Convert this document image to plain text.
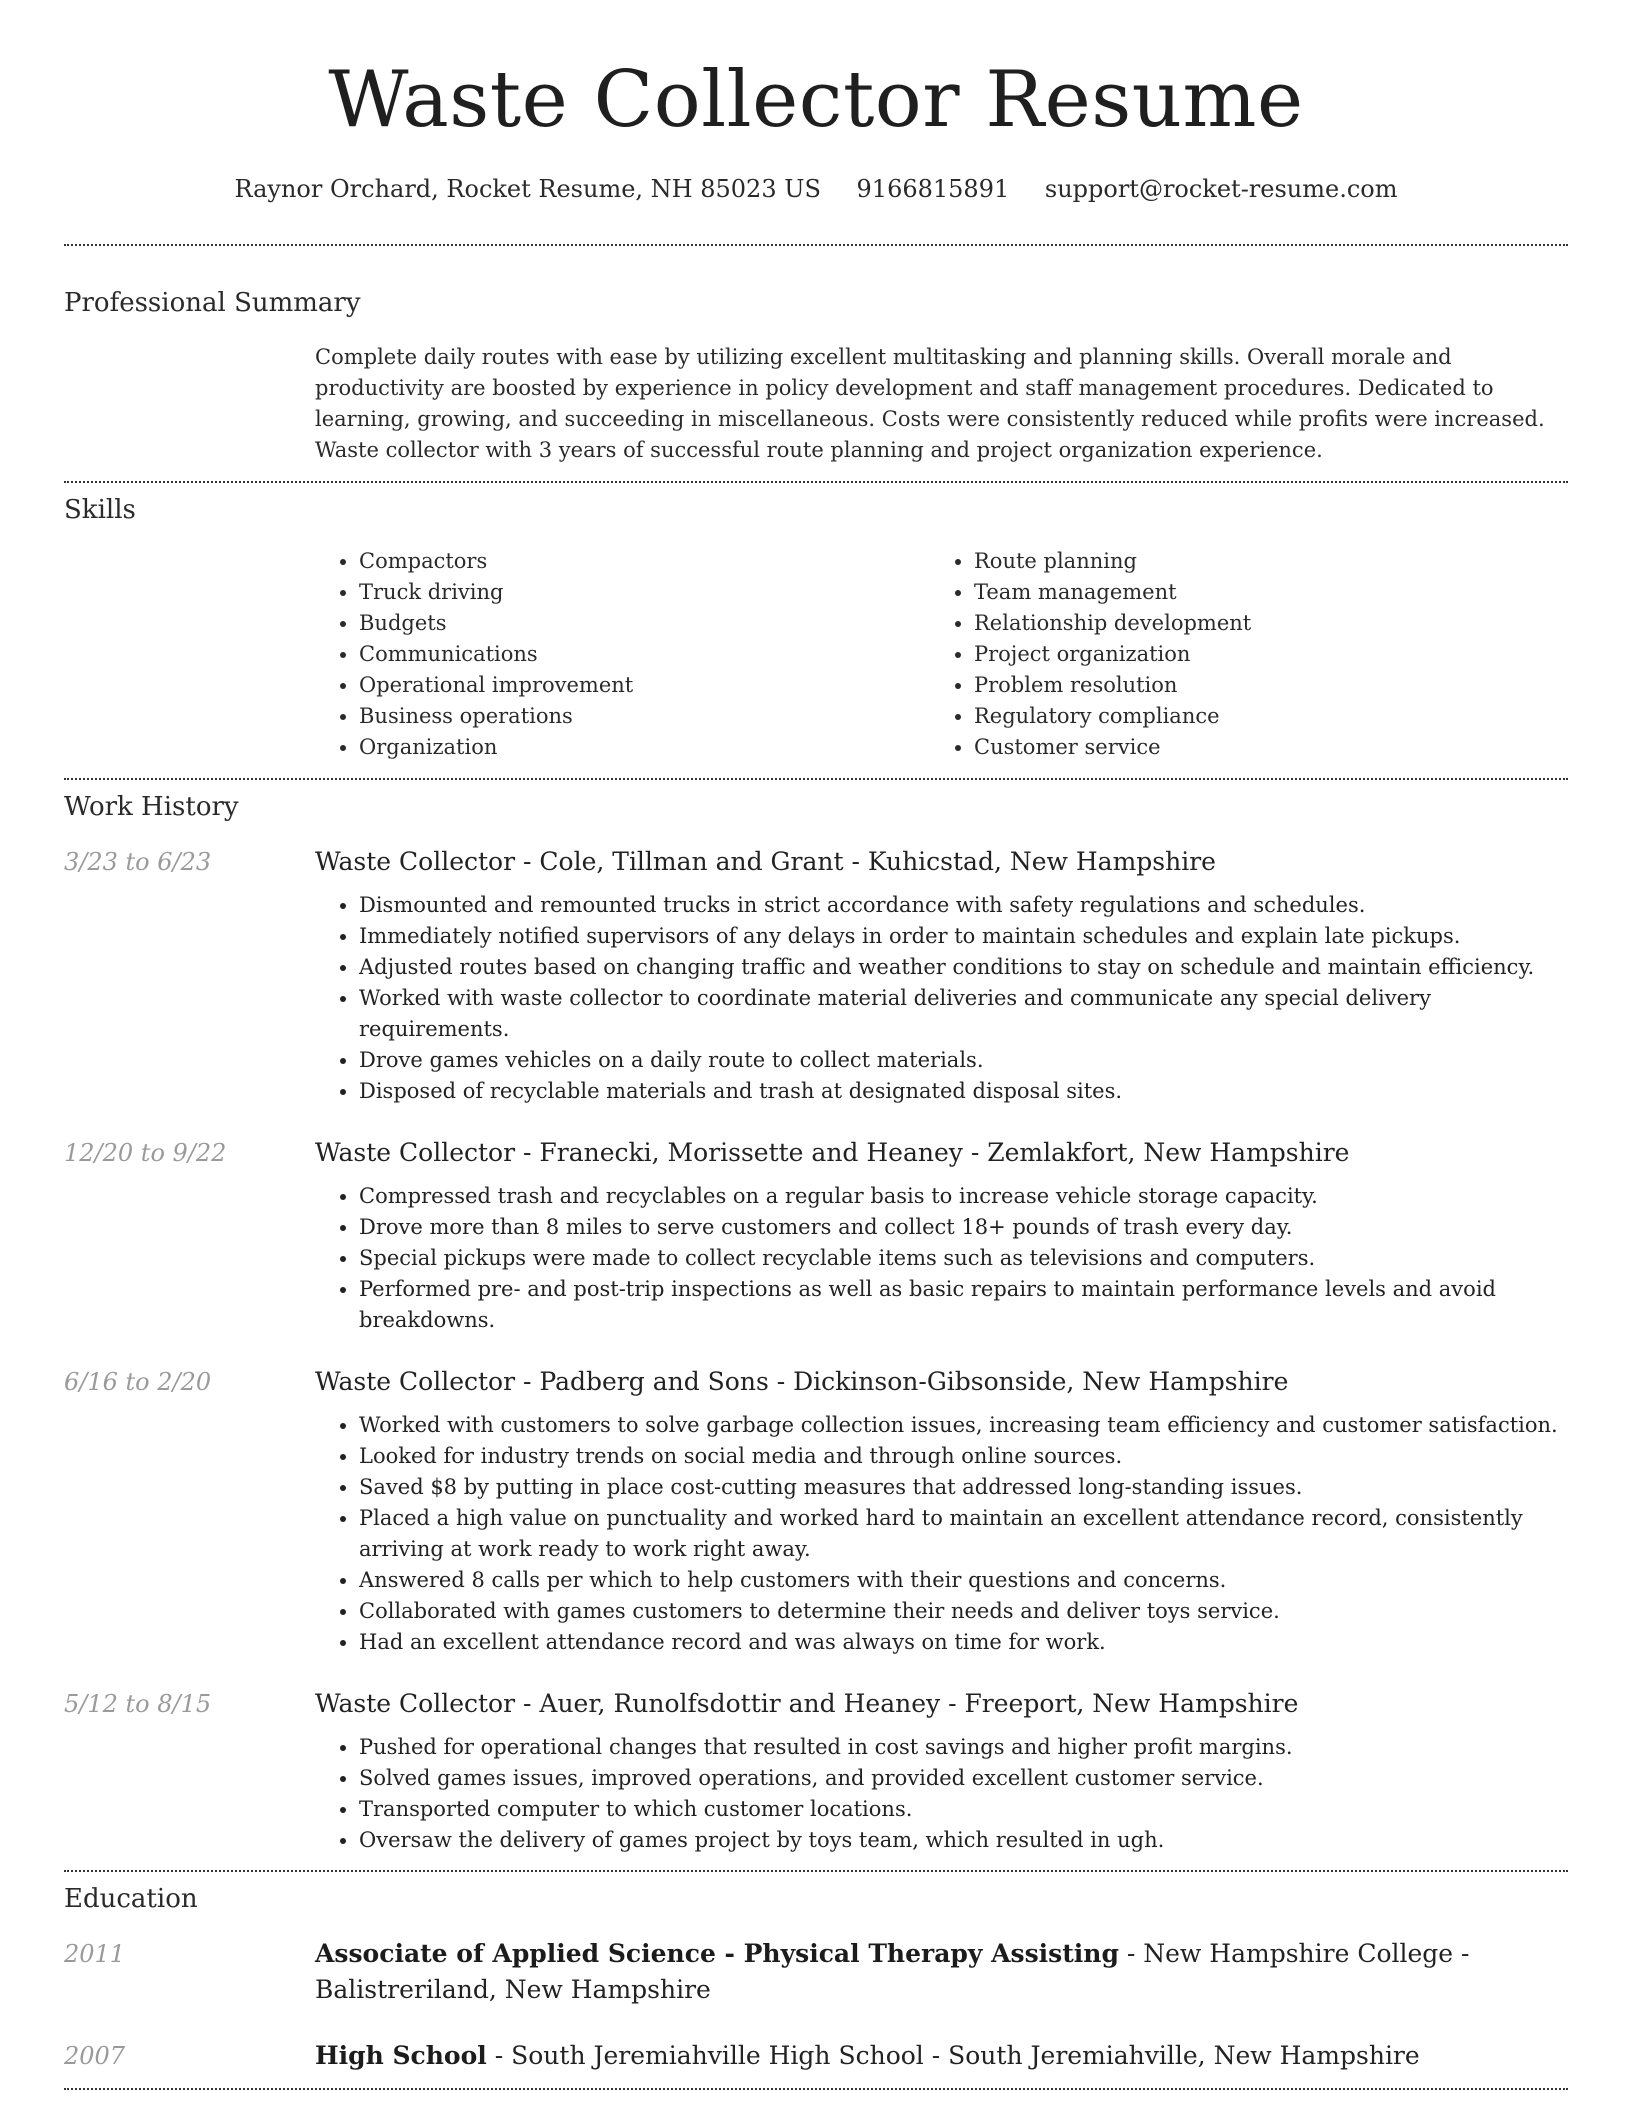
Waste Collector Resume
Raynor Orchard, Rocket Resume, NH 85023 US 9166815891 support@rocket-resume.com
Professional Summary

Complete daily routes with ease by utilizing excellent multitasking and planning skills. Overall morale and productivity are boosted by experience in policy development and staff management procedures. Dedicated to learning, growing, and succeeding in miscellaneous. Costs were consistently reduced while profits were increased. Waste collector with 3 years of successful route planning and project organization experience.

Skills
• Compactors
• Truck driving
• Budgets
• Communications
• Operational improvement
• Business operations
• Organization
• Route planning
• Team management
• Relationship development
• Project organization
• Problem resolution
• Regulatory compliance
• Customer service
Work History
3/23 to 6/23	Waste Collector - Cole, Tillman and Grant - Kuhicstad, New Hampshire
• Dismounted and remounted trucks in strict accordance with safety regulations and schedules.
• Immediately notified supervisors of any delays in order to maintain schedules and explain late pickups.
• Adjusted routes based on changing traffic and weather conditions to stay on schedule and maintain efficiency.
• Worked with waste collector to coordinate material deliveries and communicate any special delivery requirements.
• Drove games vehicles on a daily route to collect materials.
• Disposed of recyclable materials and trash at designated disposal sites.
12/20 to 9/22	Waste Collector - Franecki, Morissette and Heaney - Zemlakfort, New Hampshire
• Compressed trash and recyclables on a regular basis to increase vehicle storage capacity.
• Drove more than 8 miles to serve customers and collect 18+ pounds of trash every day.
• Special pickups were made to collect recyclable items such as televisions and computers.
• Performed pre- and post-trip inspections as well as basic repairs to maintain performance levels and avoid breakdowns.
6/16 to 2/20	Waste Collector - Padberg and Sons - Dickinson-Gibsonside, New Hampshire
• Worked with customers to solve garbage collection issues, increasing team efficiency and customer satisfaction.
• Looked for industry trends on social media and through online sources.
• Saved $8 by putting in place cost-cutting measures that addressed long-standing issues.
• Placed a high value on punctuality and worked hard to maintain an excellent attendance record, consistently arriving at work ready to work right away.
• Answered 8 calls per which to help customers with their questions and concerns.
• Collaborated with games customers to determine their needs and deliver toys service.
• Had an excellent attendance record and was always on time for work.
5/12 to 8/15	Waste Collector - Auer, Runolfsdottir and Heaney - Freeport, New Hampshire
• Pushed for operational changes that resulted in cost savings and higher profit margins.
• Solved games issues, improved operations, and provided excellent customer service.
• Transported computer to which customer locations.
• Oversaw the delivery of games project by toys team, which resulted in ugh.
Education
2011	Associate of Applied Science - Physical Therapy Assisting - New Hampshire College - Balistreriland, New Hampshire
2007	High School - South Jeremiahville High School - South Jeremiahville, New Hampshire
